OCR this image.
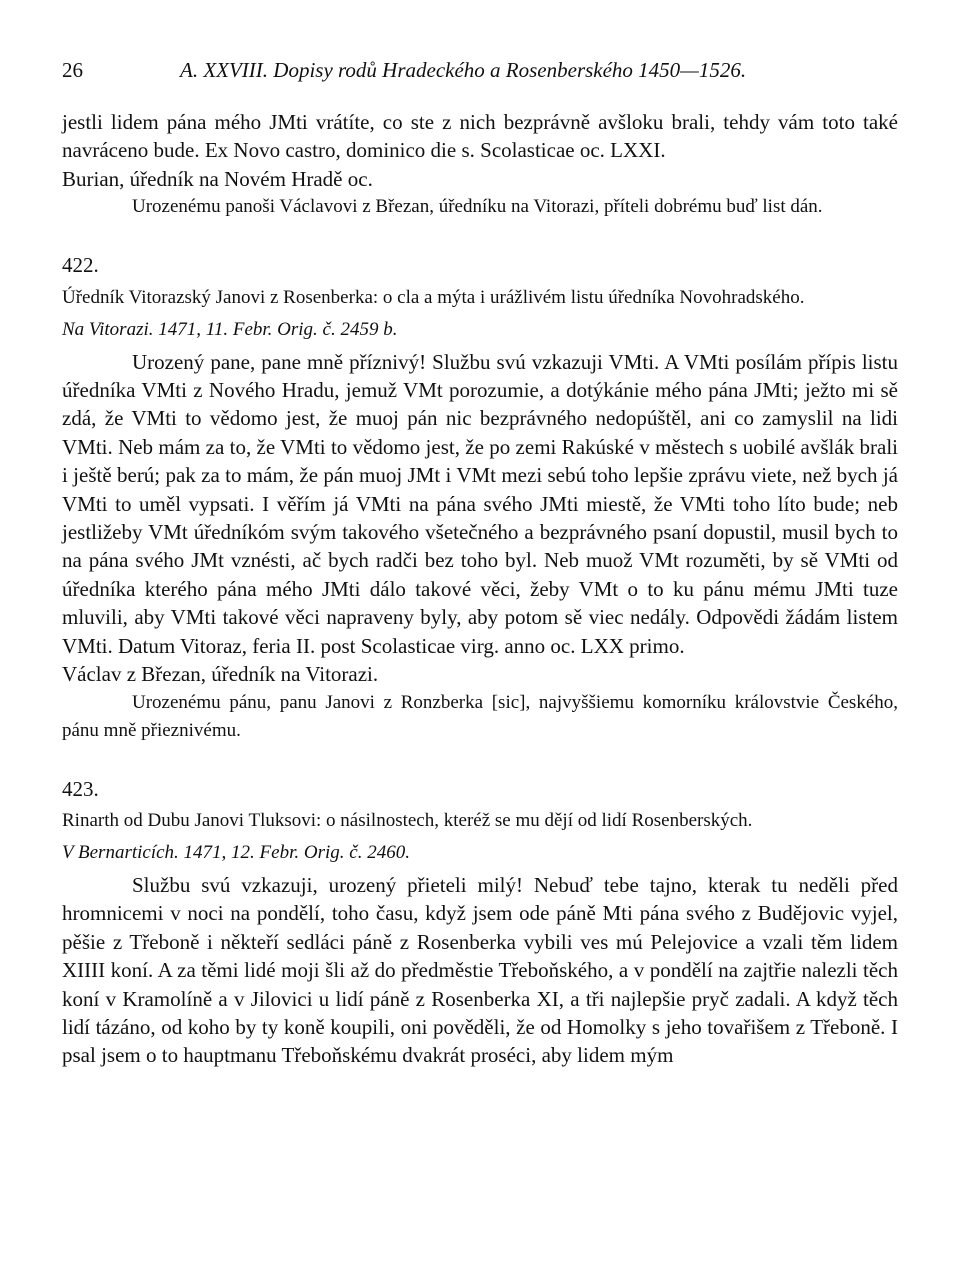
26	A. XXVIII. Dopisy rodů Hradeckého a Rosenberského 1450—1526.

jestli lidem pána mého JMti vrátíte, co ste z nich bezprávně avšloku brali, tehdy vám toto také navráceno bude. Ex Novo castro, dominico die s. Scolasticae oc. LXXI.

Burian, úředník na Novém Hradě oc.

Urozenému panoši Václavovi z Březan, úředníku na Vitorazi, příteli dobrému buď list dán.

422.

Úředník Vitorazský Janovi z Rosenberka: o cla a mýta i urážlivém listu úředníka Novohradského.

Na Vitorazi. 1471, 11. Febr. Orig. č. 2459 b.

Urozený pane, pane mně příznivý! Službu svú vzkazuji VMti. A VMti posílám přípis listu úředníka VMti z Nového Hradu, jemuž VMt porozumie, a dotýkánie mého pána JMti; ježto mi sě zdá, že VMti to vědomo jest, že muoj pán nic bezprávného nedopúštěl, ani co zamyslil na lidi VMti. Neb mám za to, že VMti to vědomo jest, že po zemi Rakúské v městech s uobilé avšlák brali i ještě berú; pak za to mám, že pán muoj JMt i VMt mezi sebú toho lepšie zprávu viete, než bych já VMti to uměl vypsati. I věřím já VMti na pána svého JMti miestě, že VMti toho líto bude; neb jestližeby VMt úředníkóm svým takového všetečného a bezprávného psaní dopustil, musil bych to na pána svého JMt vznésti, ač bych radči bez toho byl. Neb muož VMt rozuměti, by sě VMti od úředníka kterého pána mého JMti dálo takové věci, žeby VMt o to ku pánu mému JMti tuze mluvili, aby VMti takové věci napraveny byly, aby potom sě viec nedály. Odpovědi žádám listem VMti. Datum Vitoraz, feria II. post Scolasticae virg. anno oc. LXX primo.

Václav z Březan, úředník na Vitorazi.

Urozenému pánu, panu Janovi z Ronzberka [sic], najvyššiemu komorníku královstvie Českého, pánu mně přieznivému.

423.

Rinarth od Dubu Janovi Tluksovi: o násilnostech, kteréž se mu dějí od lidí Rosenberských.

V Bernarticích. 1471, 12. Febr. Orig. č. 2460.

Službu svú vzkazuji, urozený přieteli milý! Nebuď tebe tajno, kterak tu neděli před hromnicemi v noci na pondělí, toho času, když jsem ode páně Mti pána svého z Budějovic vyjel, pěšie z Třeboně i někteří sedláci páně z Rosenberka vybili ves mú Pelejovice a vzali těm lidem XIIII koní. A za těmi lidé moji šli až do předměstie Třeboňského, a v pondělí na zajtřie nalezli těch koní v Kramolíně a v Jilovici u lidí páně z Rosenberka XI, a tři najlepšie pryč zadali. A když těch lidí tázáno, od koho by ty koně koupili, oni pověděli, že od Homolky s jeho tovařišem z Třeboně. I psal jsem o to hauptmanu Třeboňskému dvakrát proséci, aby lidem mým
